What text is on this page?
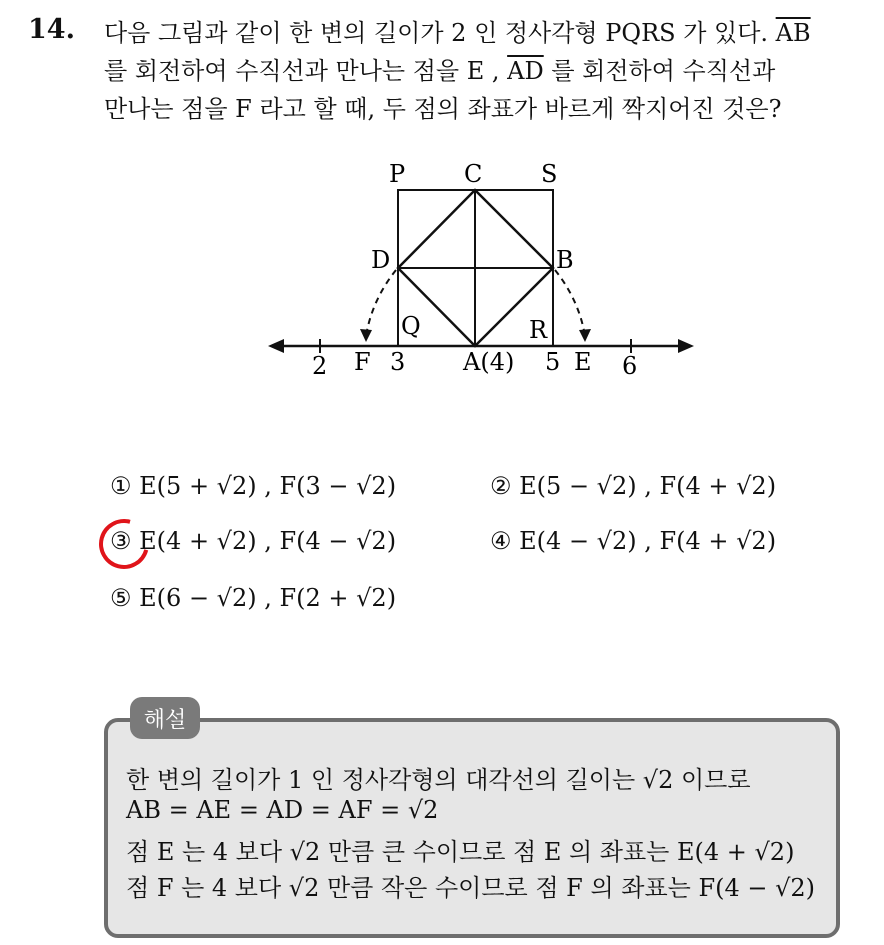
14. 다음 그림과 같이 한 변의 길이가 2 인 정사각형 PQRS 가 있다. $\overline{AB}$
를 회전하여 수직선과 만나는 점을 E , $\overline{AD}$ 를 회전하여 수직선과
만나는 점을 F 라고 할 때, 두 점의 좌표가 바르게 짝지어진 것은?
P C S
D	B
Q	R
A(4)
F	E
2	3	5	6
① E(5 + √2) , F(3 − √2)	② E(5 − √2) , F(4 + √2)
③ E(4 + √2) , F(4 − √2)	④ E(4 − √2) , F(4 + √2)
⑤ E(6 − √2) , F(2 + √2)
해설
한 변의 길이가 1 인 정사각형의 대각선의 길이는 √2 이므로
AB = AE = AD = AF = √2
점 E 는 4 보다 √2 만큼 큰 수이므로 점 E 의 좌표는 E(4 + √2)
점 F 는 4 보다 √2 만큼 작은 수이므로 점 F 의 좌표는 F(4 − √2)
